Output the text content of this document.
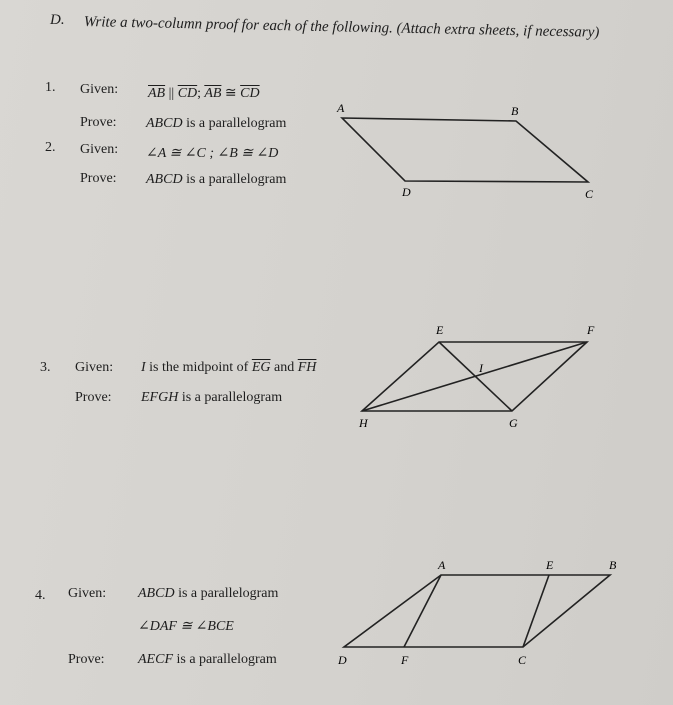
D. Write a two-column proof for each of the following. (Attach extra sheets, if necessary)
1. Given: $\overline{AB}$ || $\overline{CD}$; $\overline{AB}$ ≅ $\overline{CD}$
Prove: ABCD is a parallelogram
2. Given: ∠A ≅ ∠C ; ∠B ≅ ∠D
Prove: ABCD is a parallelogram
3. Given: I is the midpoint of $\overline{EG}$ and $\overline{FH}$
Prove: EFGH is a parallelogram
4. Given: ABCD is a parallelogram
∠DAF ≅ ∠BCE
Prove: AECF is a parallelogram
A	B
C
D
E	F
G
H
I
A	E	B
D	F	C
